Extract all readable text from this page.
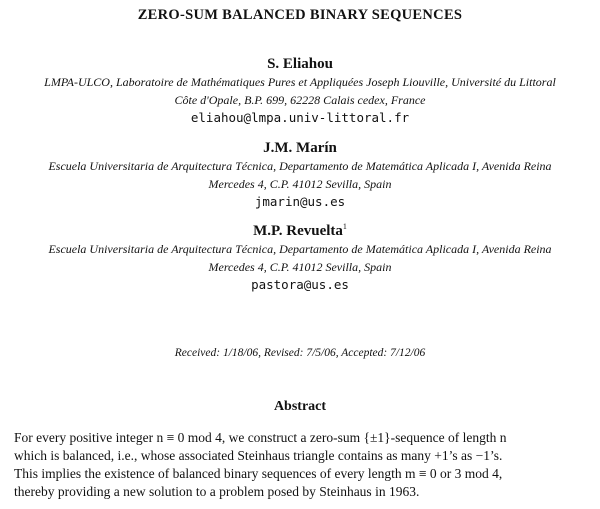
ZERO-SUM BALANCED BINARY SEQUENCES
S. Eliahou
LMPA-ULCO, Laboratoire de Mathématiques Pures et Appliquées Joseph Liouville, Université du Littoral
Côte d'Opale, B.P. 699, 62228 Calais cedex, France
eliahou@lmpa.univ-littoral.fr
J.M. Marín
Escuela Universitaria de Arquitectura Técnica, Departamento de Matemática Aplicada I, Avenida Reina
Mercedes 4, C.P. 41012 Sevilla, Spain
jmarin@us.es
M.P. Revuelta$^1$
Escuela Universitaria de Arquitectura Técnica, Departamento de Matemática Aplicada I, Avenida Reina
Mercedes 4, C.P. 41012 Sevilla, Spain
pastora@us.es
Received: 1/18/06, Revised: 7/5/06, Accepted: 7/12/06
Abstract
For every positive integer n ≡ 0 mod 4, we construct a zero-sum {±1}-sequence of length n
which is balanced, i.e., whose associated Steinhaus triangle contains as many +1’s as −1’s.
This implies the existence of balanced binary sequences of every length m ≡ 0 or 3 mod 4,
thereby providing a new solution to a problem posed by Steinhaus in 1963.
